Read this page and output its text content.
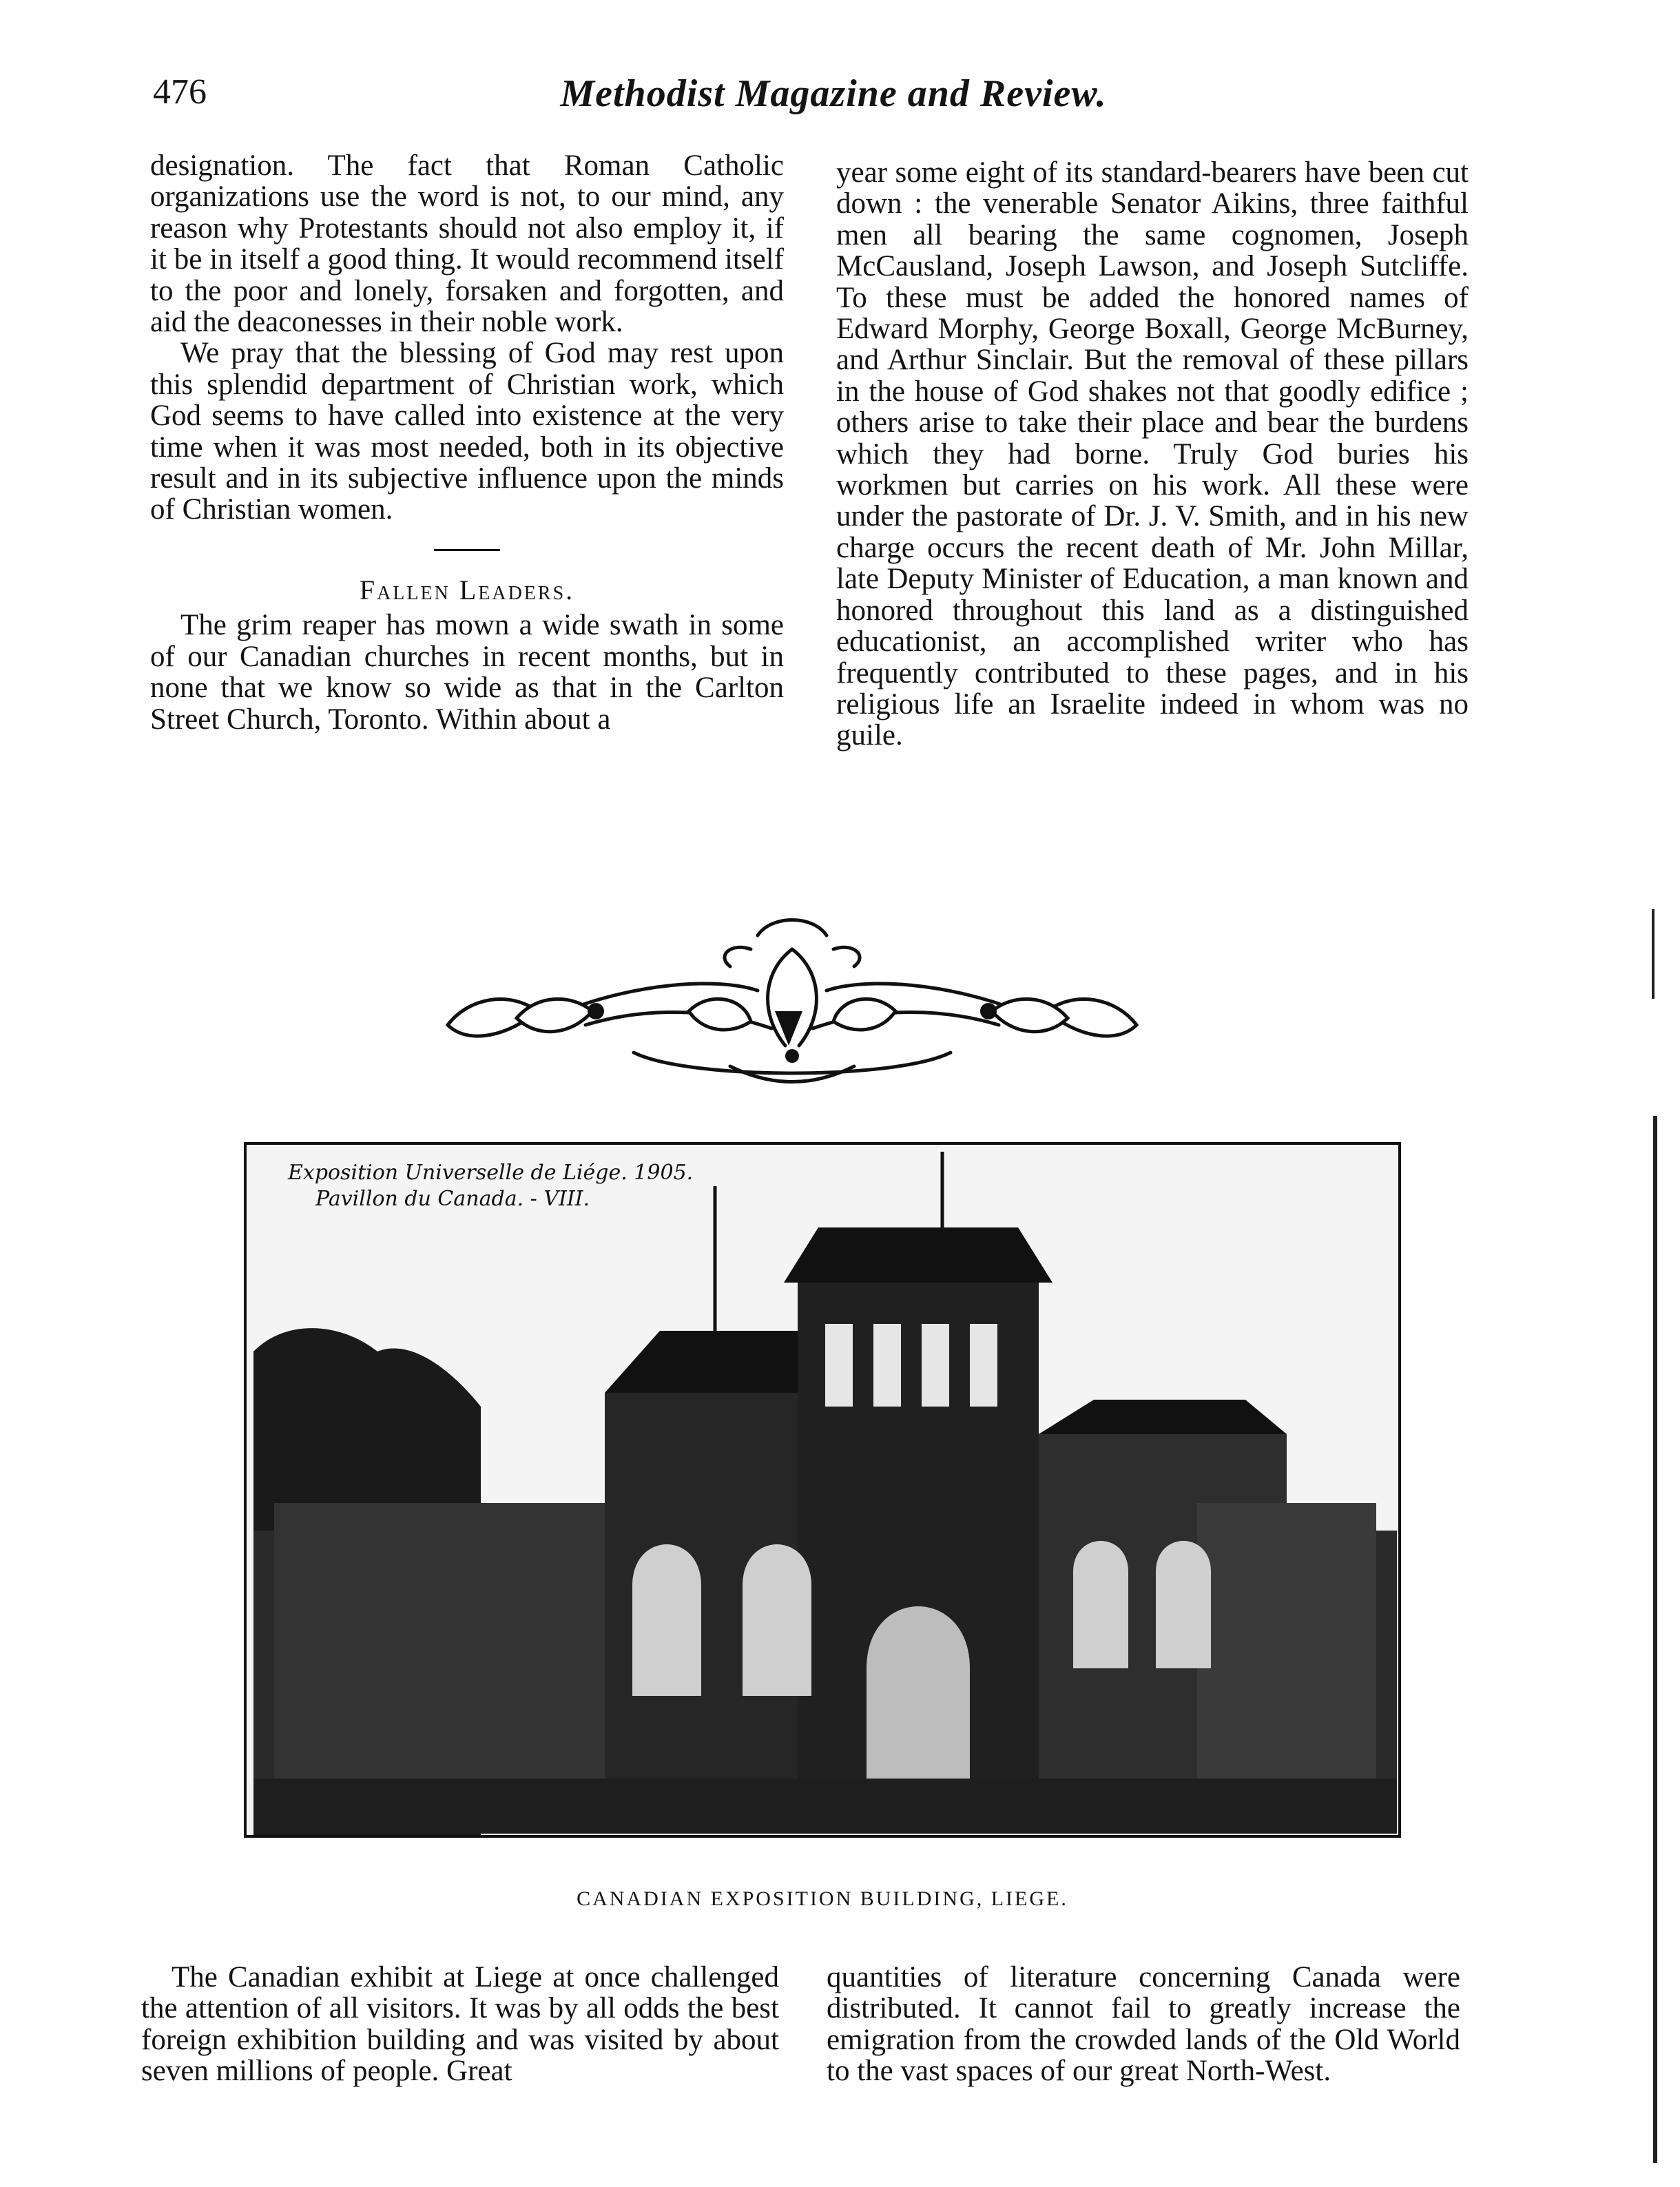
476	Methodist Magazine and Review.

designation. The fact that Roman Catholic organizations use the word is not, to our mind, any reason why Protestants should not also employ it, if it be in itself a good thing. It would recommend itself to the poor and lonely, forsaken and forgotten, and aid the deaconesses in their noble work.

We pray that the blessing of God may rest upon this splendid department of Christian work, which God seems to have called into existence at the very time when it was most needed, both in its objective result and in its subjective influence upon the minds of Christian women.

Fallen Leaders.

The grim reaper has mown a wide swath in some of our Canadian churches in recent months, but in none that we know so wide as that in the Carlton Street Church, Toronto. Within about a

year some eight of its standard-bearers have been cut down : the venerable Senator Aikins, three faithful men all bearing the same cognomen, Joseph McCausland, Joseph Lawson, and Joseph Sutcliffe. To these must be added the honored names of Edward Morphy, George Boxall, George McBurney, and Arthur Sinclair. But the removal of these pillars in the house of God shakes not that goodly edifice ; others arise to take their place and bear the burdens which they had borne. Truly God buries his workmen but carries on his work. All these were under the pastorate of Dr. J. V. Smith, and in his new charge occurs the recent death of Mr. John Millar, late Deputy Minister of Education, a man known and honored throughout this land as a distinguished educationist, an accomplished writer who has frequently contributed to these pages, and in his religious life an Israelite indeed in whom was no guile.

Exposition Universelle de Liége. 1905.
Pavillon du Canada. - VIII.
CANADIAN EXPOSITION BUILDING, LIEGE.

The Canadian exhibit at Liege at once challenged the attention of all visitors. It was by all odds the best foreign exhibition building and was visited by about seven millions of people. Great

quantities of literature concerning Canada were distributed. It cannot fail to greatly increase the emigration from the crowded lands of the Old World to the vast spaces of our great North-West.
